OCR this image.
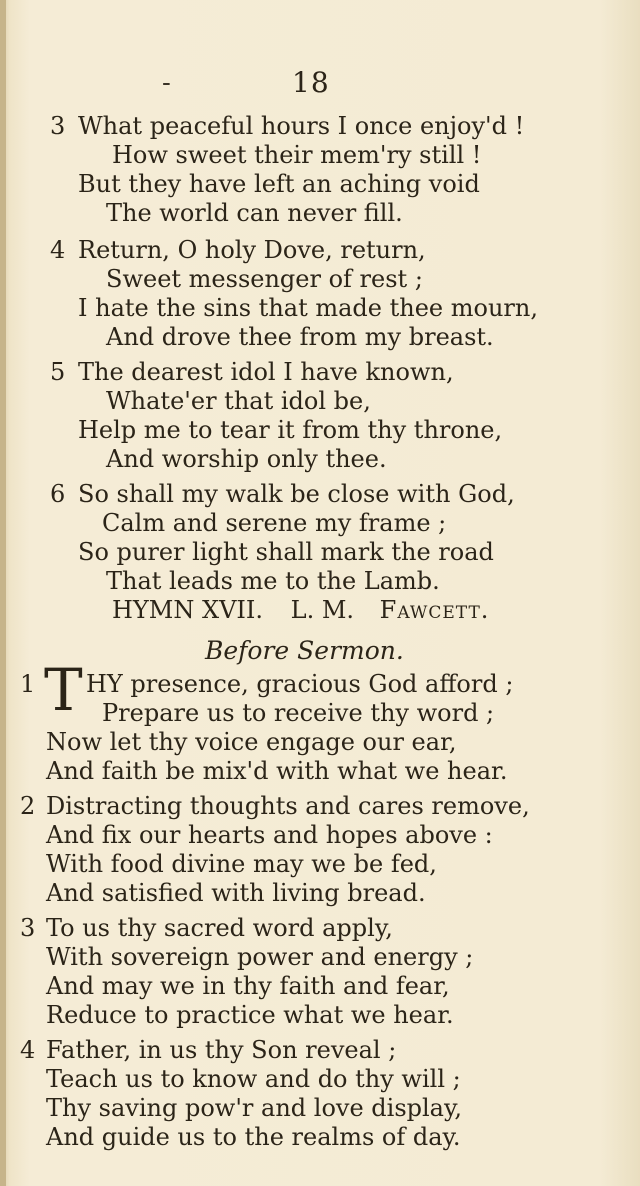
-	18
3 What peaceful hours I once enjoy'd !
How sweet their mem'ry still !
But they have left an aching void
The world can never fill.
4 Return, O holy Dove, return,
Sweet messenger of rest ;
I hate the sins that made thee mourn,
And drove thee from my breast.
5 The dearest idol I have known,
Whate'er that idol be,
Help me to tear it from thy throne,
And worship only thee.
6 So shall my walk be close with God,
Calm and serene my frame ;
So purer light shall mark the road
That leads me to the Lamb.
HYMN XVII. L. M. Fawcett.
Before Sermon.
1 T HY presence, gracious God afford ;
Prepare us to receive thy word ;
Now let thy voice engage our ear,
And faith be mix'd with what we hear.
2 Distracting thoughts and cares remove,
And fix our hearts and hopes above :
With food divine may we be fed,
And satisfied with living bread.
3 To us thy sacred word apply,
With sovereign power and energy ;
And may we in thy faith and fear,
Reduce to practice what we hear.
4 Father, in us thy Son reveal ;
Teach us to know and do thy will ;
Thy saving pow'r and love display,
And guide us to the realms of day.
